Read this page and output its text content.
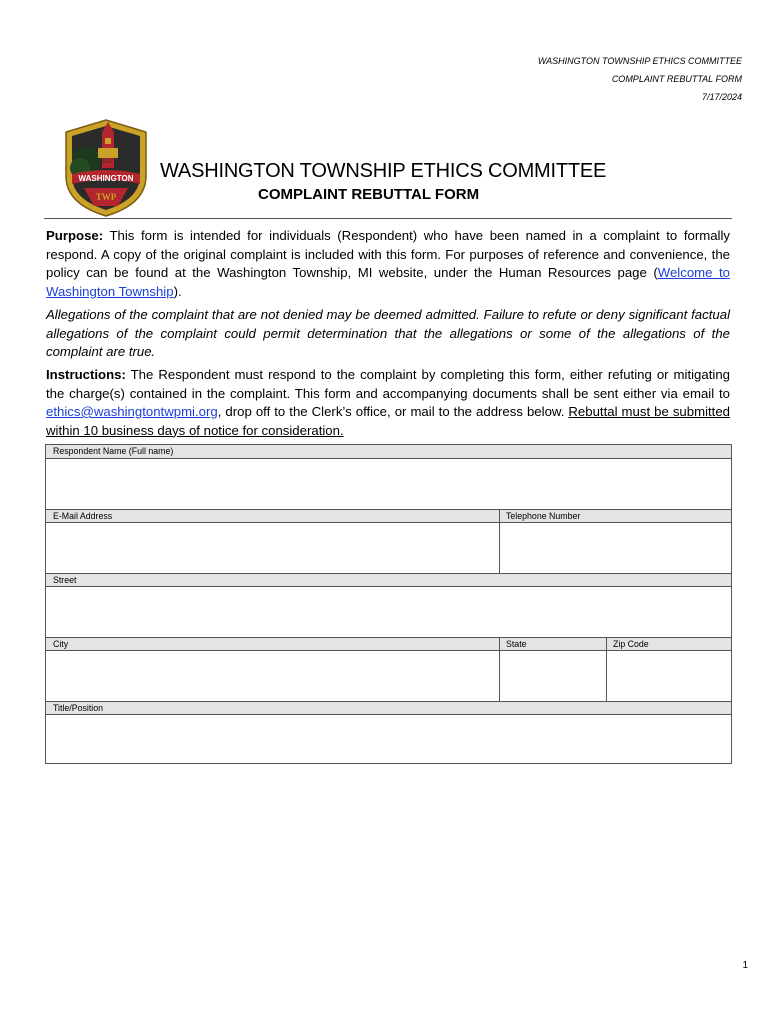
WASHINGTON TOWNSHIP ETHICS COMMITTEE
COMPLAINT REBUTTAL FORM
7/17/2024
1827
WASHINGTON
TWP
WASHINGTON TOWNSHIP ETHICS COMMITTEE
COMPLAINT REBUTTAL FORM
Purpose: This form is intended for individuals (Respondent) who have been named in a complaint to formally respond. A copy of the original complaint is included with this form. For purposes of reference and convenience, the policy can be found at the Washington Township, MI website, under the Human Resources page (Welcome to Washington Township).
Allegations of the complaint that are not denied may be deemed admitted. Failure to refute or deny significant factual allegations of the complaint could permit determination that the allegations or some of the allegations of the complaint are true.
Instructions: The Respondent must respond to the complaint by completing this form, either refuting or mitigating the charge(s) contained in the complaint. This form and accompanying documents shall be sent either via email to ethics@washingtontwpmi.org, drop off to the Clerk’s office, or mail to the address below. Rebuttal must be submitted within 10 business days of notice for consideration.
Respondent Name (Full name)
E-Mail Address	Telephone Number
Street
City	State	Zip Code
Title/Position
1
